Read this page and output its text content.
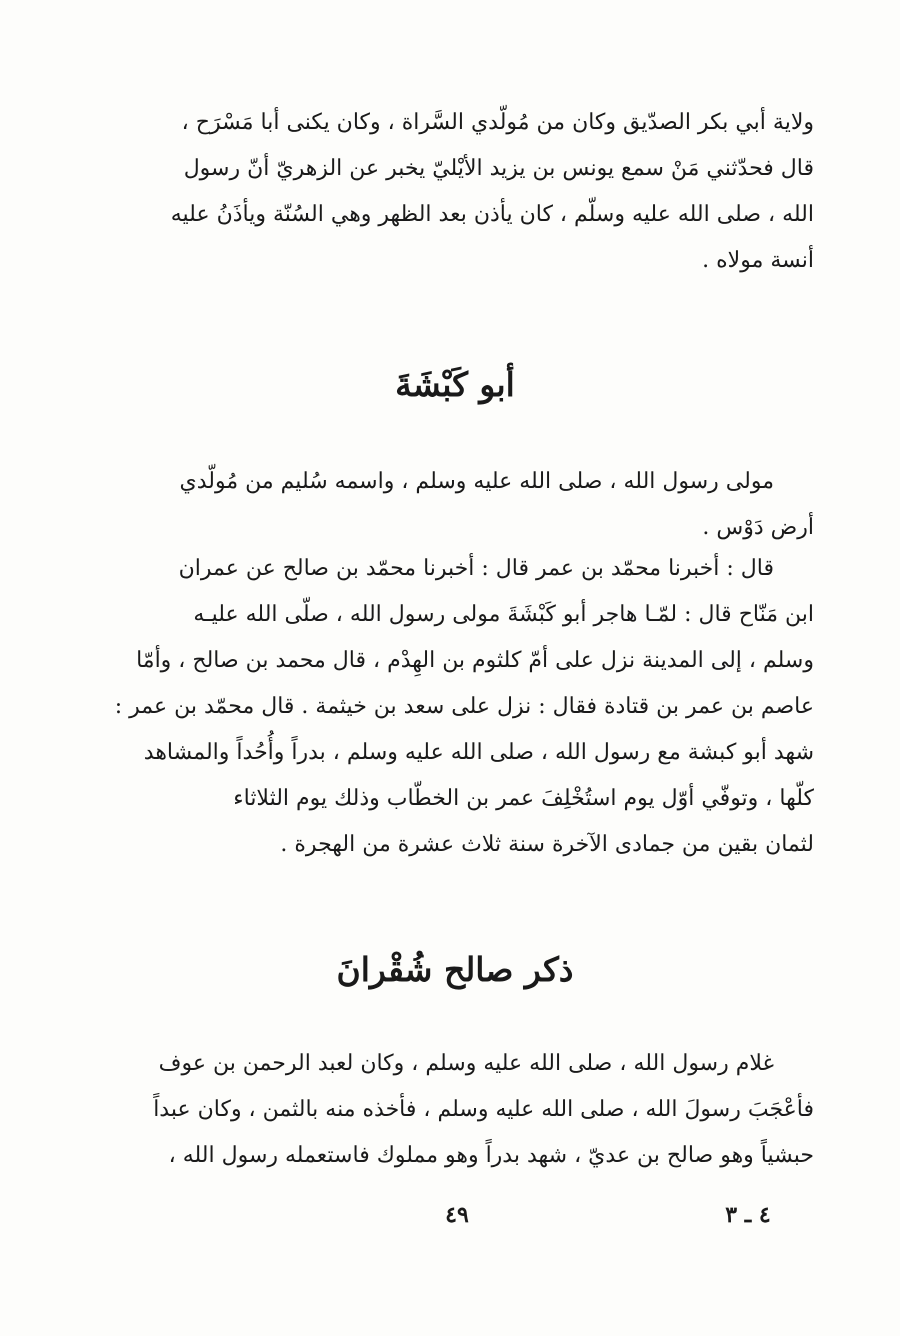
ولاية أبي بكر الصدّيق وكان من مُولّدي السَّراة ، وكان يكنى أبا مَسْرَح ،
قال فحدّثني مَنْ سمع يونس بن يزيد الأيْليّ يخبر عن الزهريّ أنّ رسول
الله ، صلى الله عليه وسلّم ، كان يأذن بعد الظهر وهي السُنّة ويأذَنُ عليه
أنسة مولاه .
أبو كَبْشَةَ
مولى رسول الله ، صلى الله عليه وسلم ، واسمه سُليم من مُولّدي
أرض دَوْس .
قال : أخبرنا محمّد بن عمر قال : أخبرنا محمّد بن صالح عن عمران
ابن مَنّاح قال : لمّـا هاجر أبو كَبْشَةَ مولى رسول الله ، صلّى الله عليـه
وسلم ، إلى المدينة نزل على أمّ كلثوم بن الهِدْم ، قال محمد بن صالح ، وأمّا
عاصم بن عمر بن قتادة فقال : نزل على سعد بن خيثمة . قال محمّد بن عمر :
شهد أبو كبشة مع رسول الله ، صلى الله عليه وسلم ، بدراً وأُحُداً والمشاهد
كلّها ، وتوفّي أوّل يوم استُخْلِفَ عمر بن الخطّاب وذلك يوم الثلاثاء
لثمان بقين من جمادى الآخرة سنة ثلاث عشرة من الهجرة .
ذكر صالح شُقْرانَ
غلام رسول الله ، صلى الله عليه وسلم ، وكان لعبد الرحمن بن عوف
فأعْجَبَ رسولَ الله ، صلى الله عليه وسلم ، فأخذه منه بالثمن ، وكان عبداً
حبشياً وهو صالح بن عديّ ، شهد بدراً وهو مملوك فاستعمله رسول الله ،
٤٩	٤ ـ ٣
